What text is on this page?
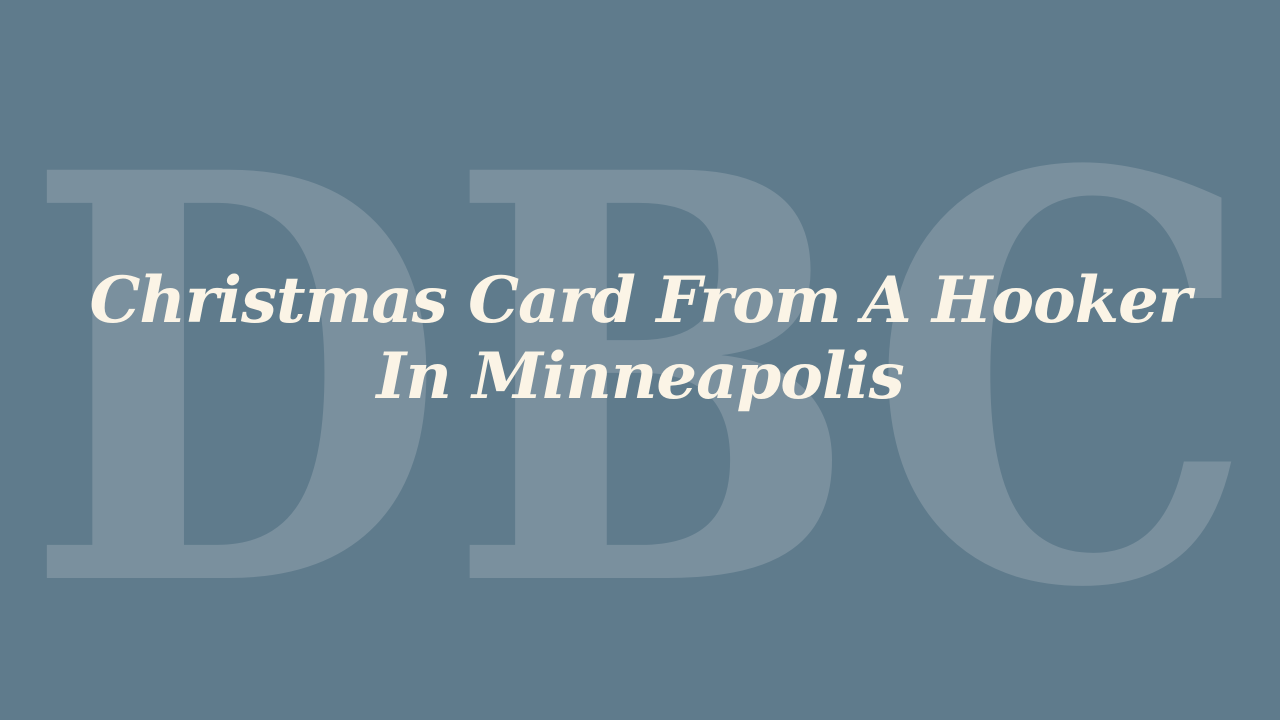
DBC
Christmas Card From A Hooker In Minneapolis
